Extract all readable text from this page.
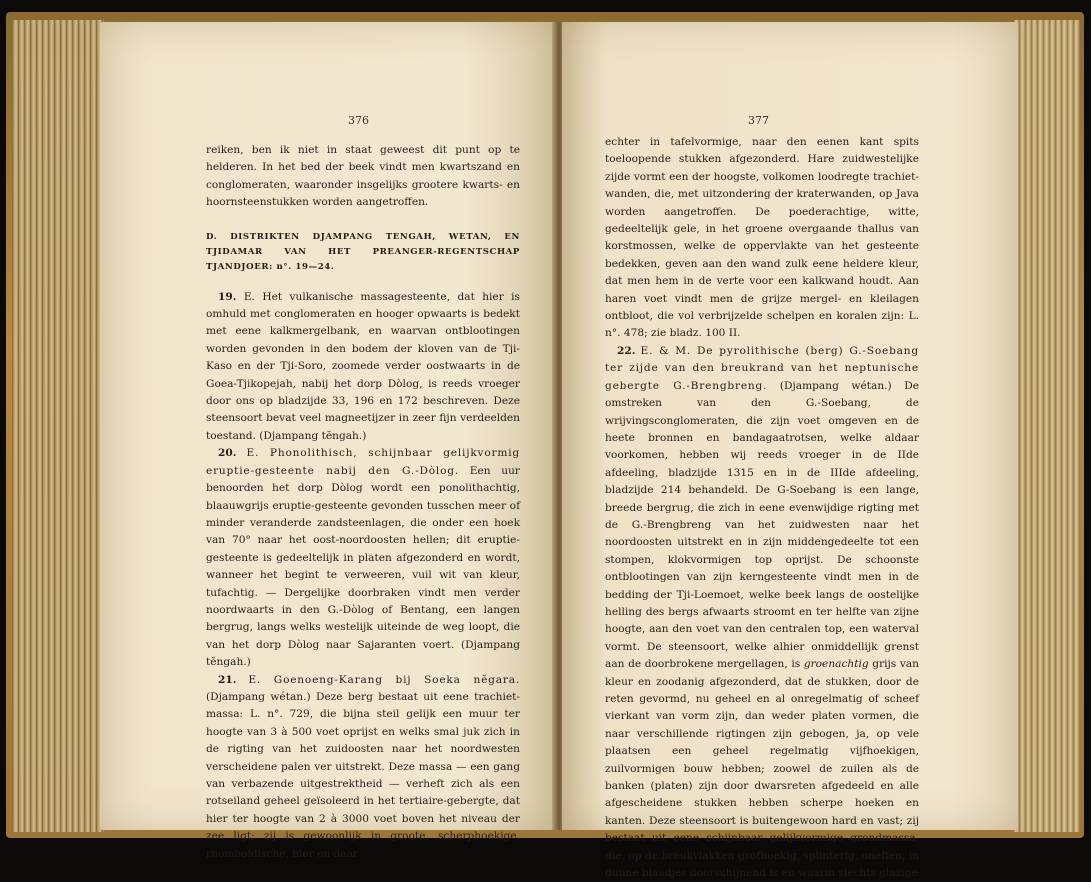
376

reiken, ben ik niet in staat geweest dit punt op te helderen. In het bed der beek vindt men kwartszand en conglomeraten, waaronder insgelijks grootere kwarts- en hoornsteenstukken worden aangetroffen.

D. DISTRIKTEN DJAMPANG TENGAH, WETAN, EN TJIDAMAR VAN HET PREANGER-REGENTSCHAP TJANDJOER: n°. 19—24.

19. E. Het vulkanische massagesteente, dat hier is omhuld met conglomeraten en hooger opwaarts is bedekt met eene kalkmergelbank, en waarvan ontblootingen worden gevonden in den bodem der kloven van de Tji-Kaso en der Tji-Soro, zoomede verder oostwaarts in de Goea-Tjikopejah, nabij het dorp Dòlog, is reeds vroeger door ons op bladzijde 33, 196 en 172 beschreven. Deze steensoort bevat veel magneetijzer in zeer fijn verdeelden toestand. (Djampang tĕngah.)

20. E. Phonolithisch, schijnbaar gelijkvormig eruptie-gesteente nabij den G.-Dòlog. Een uur benoorden het dorp Dòlog wordt een ponolithachtig, blaauwgrijs eruptie-gesteente gevonden tusschen meer of minder veranderde zandsteenlagen, die onder een hoek van 70° naar het oost-noordoosten hellen; dit eruptie-gesteente is gedeeltelijk in platen afgezonderd en wordt, wanneer het begint te verweeren, vuil wit van kleur, tufachtig. — Dergelijke doorbraken vindt men verder noordwaarts in den G.-Dòlog of Bentang, een langen bergrug, langs welks westelijk uiteinde de weg loopt, die van het dorp Dòlog naar Sajaranten voert. (Djampang tĕngah.)

21. E. Goenoeng-Karang bij Soeka nĕgara. (Djampang wétan.) Deze berg bestaat uit eene trachiet-massa: L. n°. 729, die bijna steil gelijk een muur ter hoogte van 3 à 500 voet oprijst en welks smal juk zich in de rigting van het zuidoosten naar het noordwesten verscheidene palen ver uitstrekt. Deze massa — een gang van verbazende uitgestrektheid — verheft zich als een rotseiland geheel geïsoleerd in het tertiaire-gebergte, dat hier ter hoogte van 2 à 3000 voet boven het niveau der zee ligt; zij is gewoonlijk in groote, scherphoekige, rhomboïdische, hier en daar

377

echter in tafelvormige, naar den eenen kant spits toeloopende stukken afgezonderd. Hare zuidwestelijke zijde vormt een der hoogste, volkomen loodregte trachiet-wanden, die, met uitzondering der kraterwanden, op Java worden aangetroffen. De poederachtige, witte, gedeeltelijk gele, in het groene overgaande thallus van korstmossen, welke de oppervlakte van het gesteente bedekken, geven aan den wand zulk eene heldere kleur, dat men hem in de verte voor een kalkwand houdt. Aan haren voet vindt men de grijze mergel- en kleilagen ontbloot, die vol verbrijzelde schelpen en koralen zijn: L. n°. 478; zie bladz. 100 II.

22. E. & M. De pyrolithische (berg) G.-Soebang ter zijde van den breukrand van het neptunische gebergte G.-Brengbreng. (Djampang wétan.) De omstreken van den G.-Soebang, de wrijvingsconglomeraten, die zijn voet omgeven en de heete bronnen en bandagaatrotsen, welke aldaar voorkomen, hebben wij reeds vroeger in de IIde afdeeling, bladzijde 1315 en in de IIIde afdeeling, bladzijde 214 behandeld. De G-Soebang is een lange, breede bergrug, die zich in eene evenwijdige rigting met de G.-Brengbreng van het zuidwesten naar het noordoosten uitstrekt en in zijn middengedeelte tot een stompen, klokvormigen top oprijst. De schoonste ontblootingen van zijn kerngesteente vindt men in de bedding der Tji-Loemoet, welke beek langs de oostelijke helling des bergs afwaarts stroomt en ter helfte van zijne hoogte, aan den voet van den centralen top, een waterval vormt. De steensoort, welke alhier onmiddellijk grenst aan de doorbrokene mergellagen, is groenachtig grijs van kleur en zoodanig afgezonderd, dat de stukken, door de reten gevormd, nu geheel en al onregelmatig of scheef vierkant van vorm zijn, dan weder platen vormen, die naar verschillende rigtingen zijn gebogen, ja, op vele plaatsen een geheel regelmatig vijfhoekigen, zuilvormigen bouw hebben; zoowel de zuilen als de banken (platen) zijn door dwarsreten afgedeeld en alle afgescheidene stukken hebben scherpe hoeken en kanten. Deze steensoort is buitengewoon hard en vast; zij bestaat uit eene schijnbaar gelijkvormige grondmassa, die, op de breukvlakken grofhoekig, splinterig, oneffen, in dunne blaadjes doorschijnend is en waarin slechts glazige
